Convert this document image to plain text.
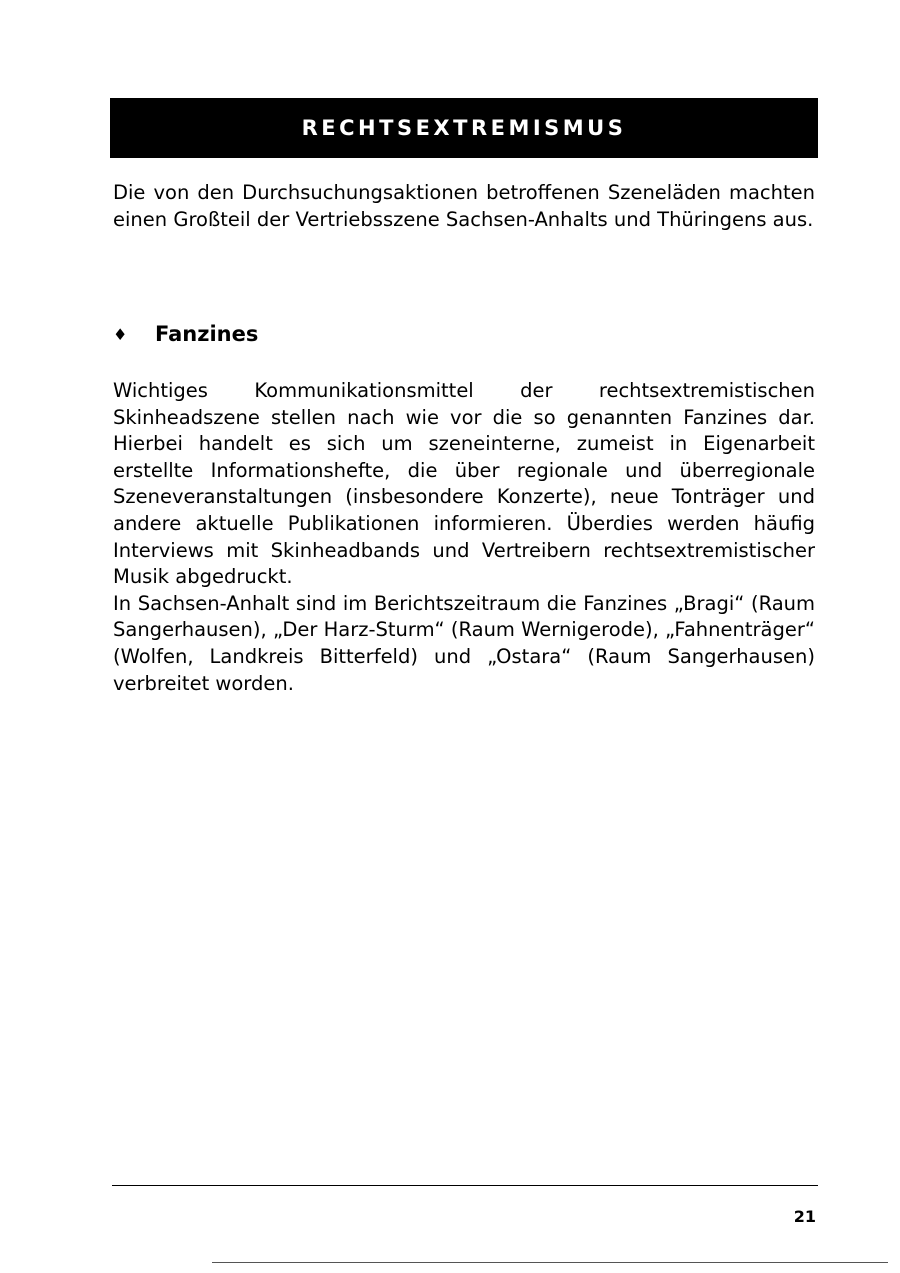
RECHTSEXTREMISMUS
Die von den Durchsuchungsaktionen betroffenen Szeneläden machten einen Großteil der Vertriebsszene Sachsen-Anhalts und Thüringens aus.
♦	Fanzines

Wichtiges Kommunikationsmittel der rechtsextremistischen Skinheadszene stellen nach wie vor die so genannten Fanzines dar. Hierbei handelt es sich um szeneinterne, zumeist in Eigenarbeit erstellte Informationshefte, die über regionale und überregionale Szeneveranstaltungen (insbesondere Konzerte), neue Tonträger und andere aktuelle Publikationen informieren. Überdies werden häufig Interviews mit Skinheadbands und Vertreibern rechtsextremistischer Musik abgedruckt.

In Sachsen-Anhalt sind im Berichtszeitraum die Fanzines „Bragi“ (Raum Sangerhausen), „Der Harz-Sturm“ (Raum Wernigerode), „Fahnenträger“ (Wolfen, Landkreis Bitterfeld) und „Ostara“ (Raum Sangerhausen) verbreitet worden.

21
